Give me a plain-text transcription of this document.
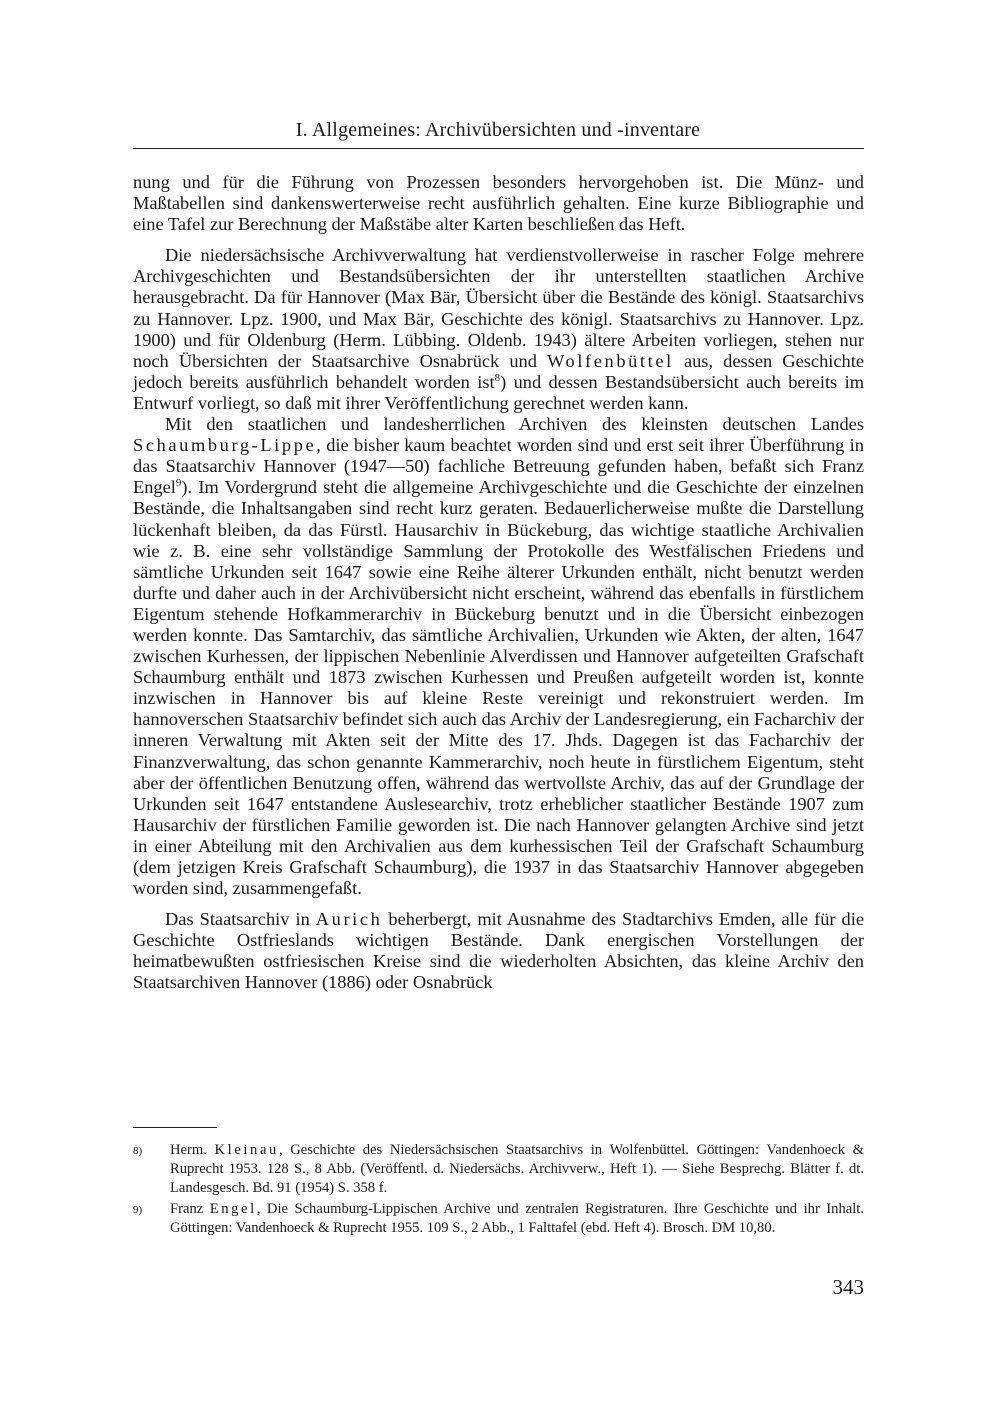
I. Allgemeines: Archivübersichten und -inventare

nung und für die Führung von Prozessen besonders hervorgehoben ist. Die Münz- und Maßtabellen sind dankenswerterweise recht ausführlich gehalten. Eine kurze Bibliographie und eine Tafel zur Berechnung der Maßstäbe alter Karten beschließen das Heft.

Die niedersächsische Archivverwaltung hat verdienstvollerweise in rascher Folge mehrere Archivgeschichten und Bestandsübersichten der ihr unterstellten staatlichen Archive herausgebracht. Da für Hannover (Max Bär, Übersicht über die Bestände des königl. Staatsarchivs zu Hannover. Lpz. 1900, und Max Bär, Geschichte des königl. Staatsarchivs zu Hannover. Lpz. 1900) und für Oldenburg (Herm. Lübbing. Oldenb. 1943) ältere Arbeiten vorliegen, stehen nur noch Übersichten der Staatsarchive Osnabrück und Wolfenbüttel aus, dessen Geschichte jedoch bereits ausführlich behandelt worden ist$^8$) und dessen Bestandsübersicht auch bereits im Entwurf vorliegt, so daß mit ihrer Veröffentlichung gerechnet werden kann.

Mit den staatlichen und landesherrlichen Archiven des kleinsten deutschen Landes Schaumburg-Lippe, die bisher kaum beachtet worden sind und erst seit ihrer Überführung in das Staatsarchiv Hannover (1947—50) fachliche Betreuung gefunden haben, befaßt sich Franz Engel$^9$). Im Vordergrund steht die allgemeine Archivgeschichte und die Geschichte der einzelnen Bestände, die Inhaltsangaben sind recht kurz geraten. Bedauerlicherweise mußte die Darstellung lückenhaft bleiben, da das Fürstl. Hausarchiv in Bückeburg, das wichtige staatliche Archivalien wie z. B. eine sehr vollständige Sammlung der Protokolle des Westfälischen Friedens und sämtliche Urkunden seit 1647 sowie eine Reihe älterer Urkunden enthält, nicht benutzt werden durfte und daher auch in der Archivübersicht nicht erscheint, während das ebenfalls in fürstlichem Eigentum stehende Hofkammerarchiv in Bückeburg benutzt und in die Übersicht einbezogen werden konnte. Das Samtarchiv, das sämtliche Archivalien, Urkunden wie Akten, der alten, 1647 zwischen Kurhessen, der lippischen Nebenlinie Alverdissen und Hannover aufgeteilten Grafschaft Schaumburg enthält und 1873 zwischen Kurhessen und Preußen aufgeteilt worden ist, konnte inzwischen in Hannover bis auf kleine Reste vereinigt und rekonstruiert werden. Im hannoverschen Staatsarchiv befindet sich auch das Archiv der Landesregierung, ein Facharchiv der inneren Verwaltung mit Akten seit der Mitte des 17. Jhds. Dagegen ist das Facharchiv der Finanzverwaltung, das schon genannte Kammerarchiv, noch heute in fürstlichem Eigentum, steht aber der öffentlichen Benutzung offen, während das wertvollste Archiv, das auf der Grundlage der Urkunden seit 1647 entstandene Auslesearchiv, trotz erheblicher staatlicher Bestände 1907 zum Hausarchiv der fürstlichen Familie geworden ist. Die nach Hannover gelangten Archive sind jetzt in einer Abteilung mit den Archivalien aus dem kurhessischen Teil der Grafschaft Schaumburg (dem jetzigen Kreis Grafschaft Schaumburg), die 1937 in das Staatsarchiv Hannover abgegeben worden sind, zusammengefaßt.

Das Staatsarchiv in Aurich beherbergt, mit Ausnahme des Stadtarchivs Emden, alle für die Geschichte Ostfrieslands wichtigen Bestände. Dank energischen Vorstellungen der heimatbewußten ostfriesischen Kreise sind die wiederholten Absichten, das kleine Archiv den Staatsarchiven Hannover (1886) oder Osnabrück

8)	Herm. Kleinau, Geschichte des Niedersächsischen Staatsarchivs in Wolfenbüttel. Göttingen: Vandenhoeck & Ruprecht 1953. 128 S., 8 Abb. (Veröffentl. d. Niedersächs. Archivverw., Heft 1). — Siehe Besprechg. Blätter f. dt. Landesgesch. Bd. 91 (1954) S. 358 f.
9)	Franz Engel, Die Schaumburg-Lippischen Archive und zentralen Registraturen. Ihre Geschichte und ihr Inhalt. Göttingen: Vandenhoeck & Ruprecht 1955. 109 S., 2 Abb., 1 Falttafel (ebd. Heft 4). Brosch. DM 10,80.
343
